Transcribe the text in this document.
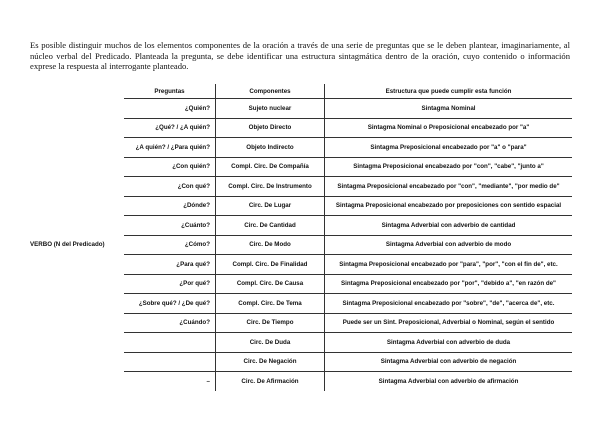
Es posible distinguir muchos de los elementos componentes de la oración a través de una serie de preguntas que se le deben plantear, imaginariamente, al núcleo verbal del Predicado. Planteada la pregunta, se debe identificar una estructura sintagmática dentro de la oración, cuyo contenido o información exprese la respuesta al interrogante planteado.

	Preguntas	Componentes	Estructura que puede cumplir esta función
	¿Quién?	Sujeto nuclear	Sintagma Nominal
	¿Qué? / ¿A quién?	Objeto Directo	Sintagma Nominal o Preposicional encabezado por "a"
	¿A quién? / ¿Para quién?	Objeto Indirecto	Sintagma Preposicional encabezado por "a" o "para"
	¿Con quién?	Compl. Circ. De Compañía	Sintagma Preposicional encabezado por "con", "cabe", "junto a"
	¿Con qué?	Compl. Circ. De Instrumento	Sintagma Preposicional encabezado por "con", "mediante", "por medio de"
	¿Dónde?	Circ. De Lugar	Sintagma Preposicional encabezado por preposiciones con sentido espacial
	¿Cuánto?	Circ. De Cantidad	Sintagma Adverbial con adverbio de cantidad
VERBO (N del Predicado)	¿Cómo?	Circ. De Modo	Sintagma Adverbial con adverbio de modo
	¿Para qué?	Compl. Circ. De Finalidad	Sintagma Preposicional encabezado por "para", "por", "con el fin de", etc.
	¿Por qué?	Compl. Circ. De Causa	Sintagma Preposicional encabezado por "por", "debido a", "en razón de"
	¿Sobre qué? / ¿De qué?	Compl. Circ. De Tema	Sintagma Preposicional encabezado por "sobre", "de", "acerca de", etc.
	¿Cuándo?	Circ. De Tiempo	Puede ser un Sint. Preposicional, Adverbial o Nominal, según el sentido
		Circ. De Duda	Sintagma Adverbial con adverbio de duda
		Circ. De Negación	Sintagma Adverbial con adverbio de negación
	–	Circ. De Afirmación	Sintagma Adverbial con adverbio de afirmación
